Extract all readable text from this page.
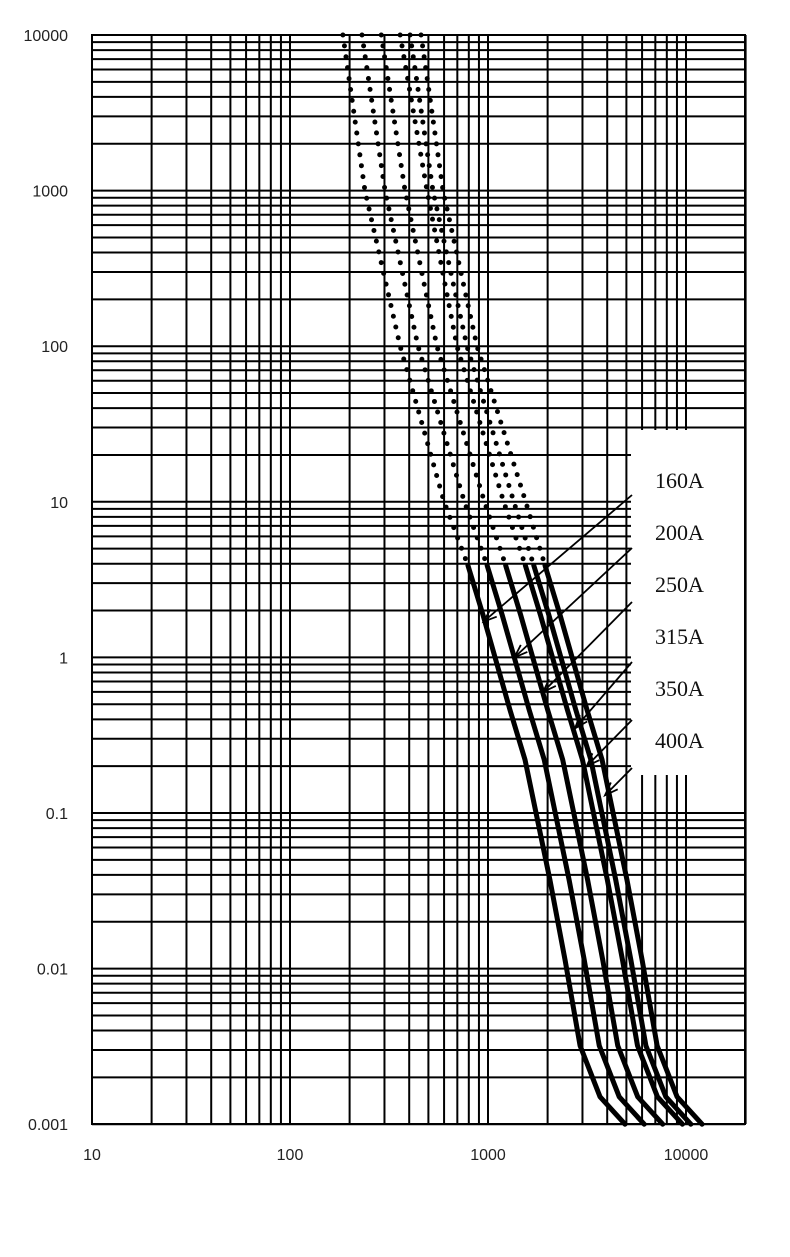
160A
200A
250A
315A
350A
400A
10	100	1000	10000
10000
1000
100
10
1
0.1
0.01
0.001
